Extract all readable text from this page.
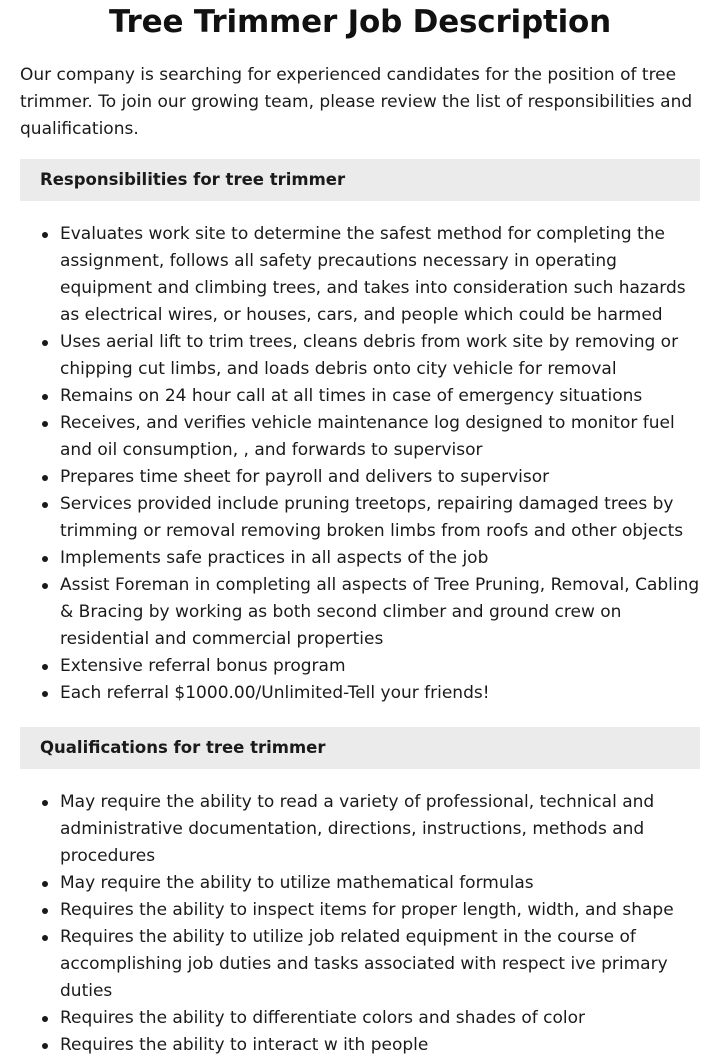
Tree Trimmer Job Description

Our company is searching for experienced candidates for the position of tree trimmer. To join our growing team, please review the list of responsibilities and qualifications.

Responsibilities for tree trimmer
Evaluates work site to determine the safest method for completing the assignment, follows all safety precautions necessary in operating equipment and climbing trees, and takes into consideration such hazards as electrical wires, or houses, cars, and people which could be harmed
Uses aerial lift to trim trees, cleans debris from work site by removing or chipping cut limbs, and loads debris onto city vehicle for removal
Remains on 24 hour call at all times in case of emergency situations
Receives, and verifies vehicle maintenance log designed to monitor fuel and oil consumption, , and forwards to supervisor
Prepares time sheet for payroll and delivers to supervisor
Services provided include pruning treetops, repairing damaged trees by trimming or removal removing broken limbs from roofs and other objects
Implements safe practices in all aspects of the job
Assist Foreman in completing all aspects of Tree Pruning, Removal, Cabling & Bracing by working as both second climber and ground crew on residential and commercial properties
Extensive referral bonus program
Each referral $1000.00/Unlimited-Tell your friends!
Qualifications for tree trimmer
May require the ability to read a variety of professional, technical and administrative documentation, directions, instructions, methods and procedures
May require the ability to utilize mathematical formulas
Requires the ability to inspect items for proper length, width, and shape
Requires the ability to utilize job related equipment in the course of accomplishing job duties and tasks associated with respect ive primary duties
Requires the ability to differentiate colors and shades of color
Requires the ability to interact w ith people
